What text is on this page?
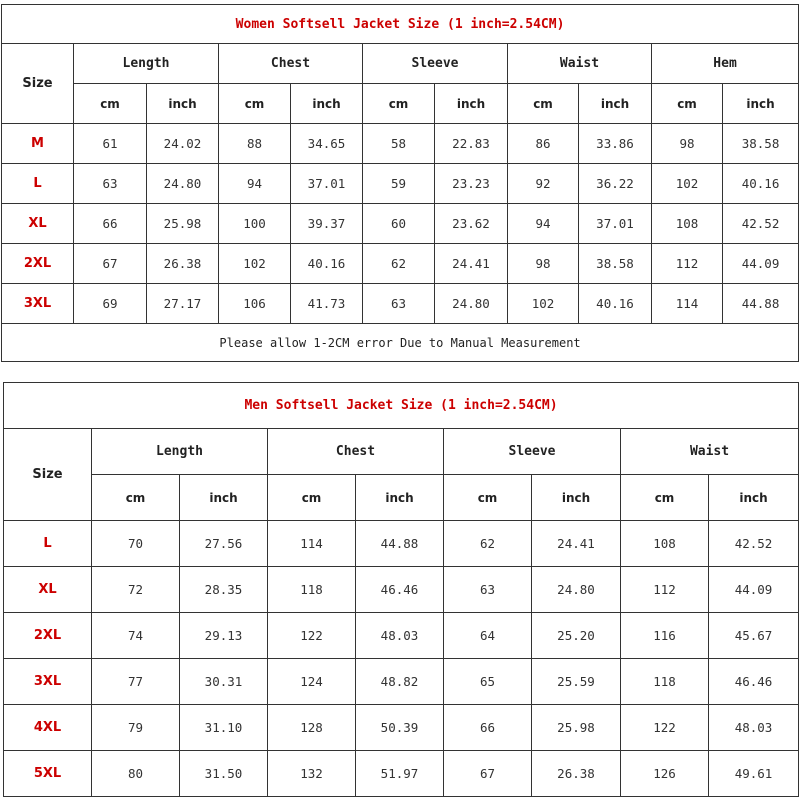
Women Softsell Jacket Size (1 inch=2.54CM)										
Size	Length		Chest		Sleeve		Waist		Hem	
	cm	inch	cm	inch	cm	inch	cm	inch	cm	inch
M	61	24.02	88	34.65	58	22.83	86	33.86	98	38.58
L	63	24.80	94	37.01	59	23.23	92	36.22	102	40.16
XL	66	25.98	100	39.37	60	23.62	94	37.01	108	42.52
2XL	67	26.38	102	40.16	62	24.41	98	38.58	112	44.09
3XL	69	27.17	106	41.73	63	24.80	102	40.16	114	44.88
Please allow 1-2CM error Due to Manual Measurement										
Men Softsell Jacket Size (1 inch=2.54CM)								
Size	Length		Chest		Sleeve		Waist	
	cm	inch	cm	inch	cm	inch	cm	inch
L	70	27.56	114	44.88	62	24.41	108	42.52
XL	72	28.35	118	46.46	63	24.80	112	44.09
2XL	74	29.13	122	48.03	64	25.20	116	45.67
3XL	77	30.31	124	48.82	65	25.59	118	46.46
4XL	79	31.10	128	50.39	66	25.98	122	48.03
5XL	80	31.50	132	51.97	67	26.38	126	49.61
